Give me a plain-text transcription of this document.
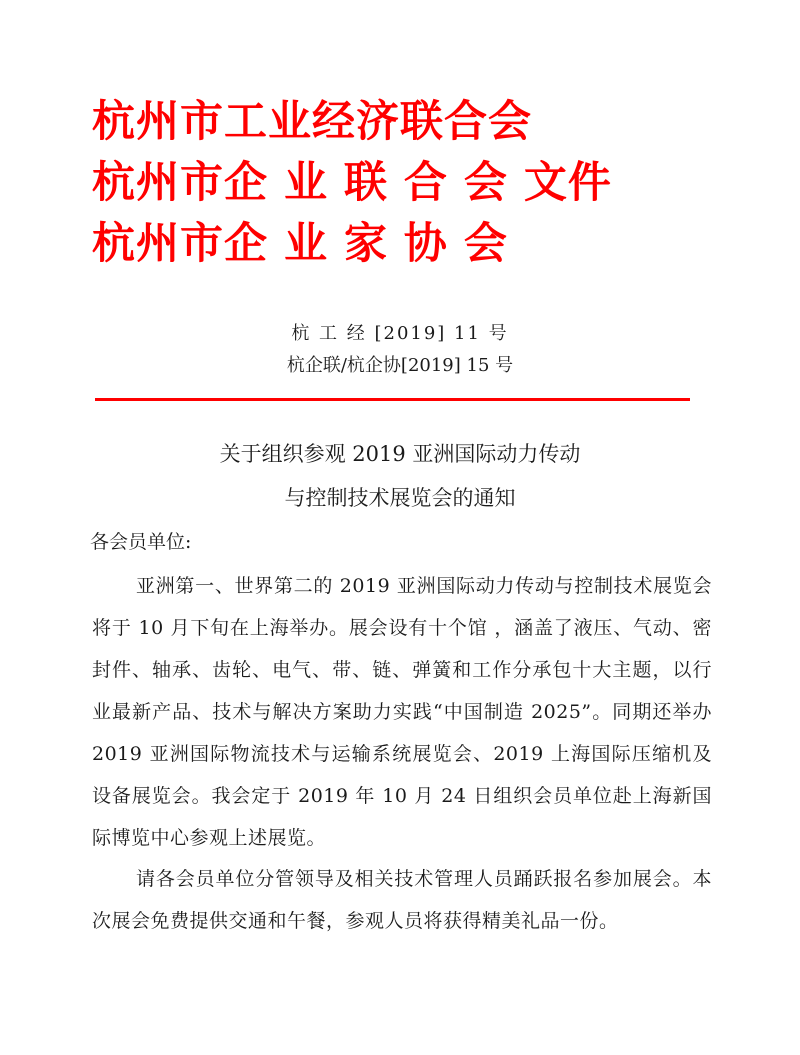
杭州市工业经济联合会
杭州市企 业 联 合 会 文件
杭州市企 业 家 协 会
杭 工 经 [2019] 11 号
杭企联/杭企协[2019] 15 号
关于组织参观 2019 亚洲国际动力传动
与控制技术展览会的通知
各会员单位:

亚洲第一、世界第二的 2019 亚洲国际动力传动与控制技术展览会将于 10 月下旬在上海举办。展会设有十个馆 ，涵盖了液压、气动、密封件、轴承、齿轮、电气、带、链、弹簧和工作分承包十大主题，以行业最新产品、技术与解决方案助力实践“中国制造 2025”。同期还举办 2019 亚洲国际物流技术与运输系统展览会、2019 上海国际压缩机及设备展览会。我会定于 2019 年 10 月 24 日组织会员单位赴上海新国际博览中心参观上述展览。

请各会员单位分管领导及相关技术管理人员踊跃报名参加展会。本次展会免费提供交通和午餐，参观人员将获得精美礼品一份。
